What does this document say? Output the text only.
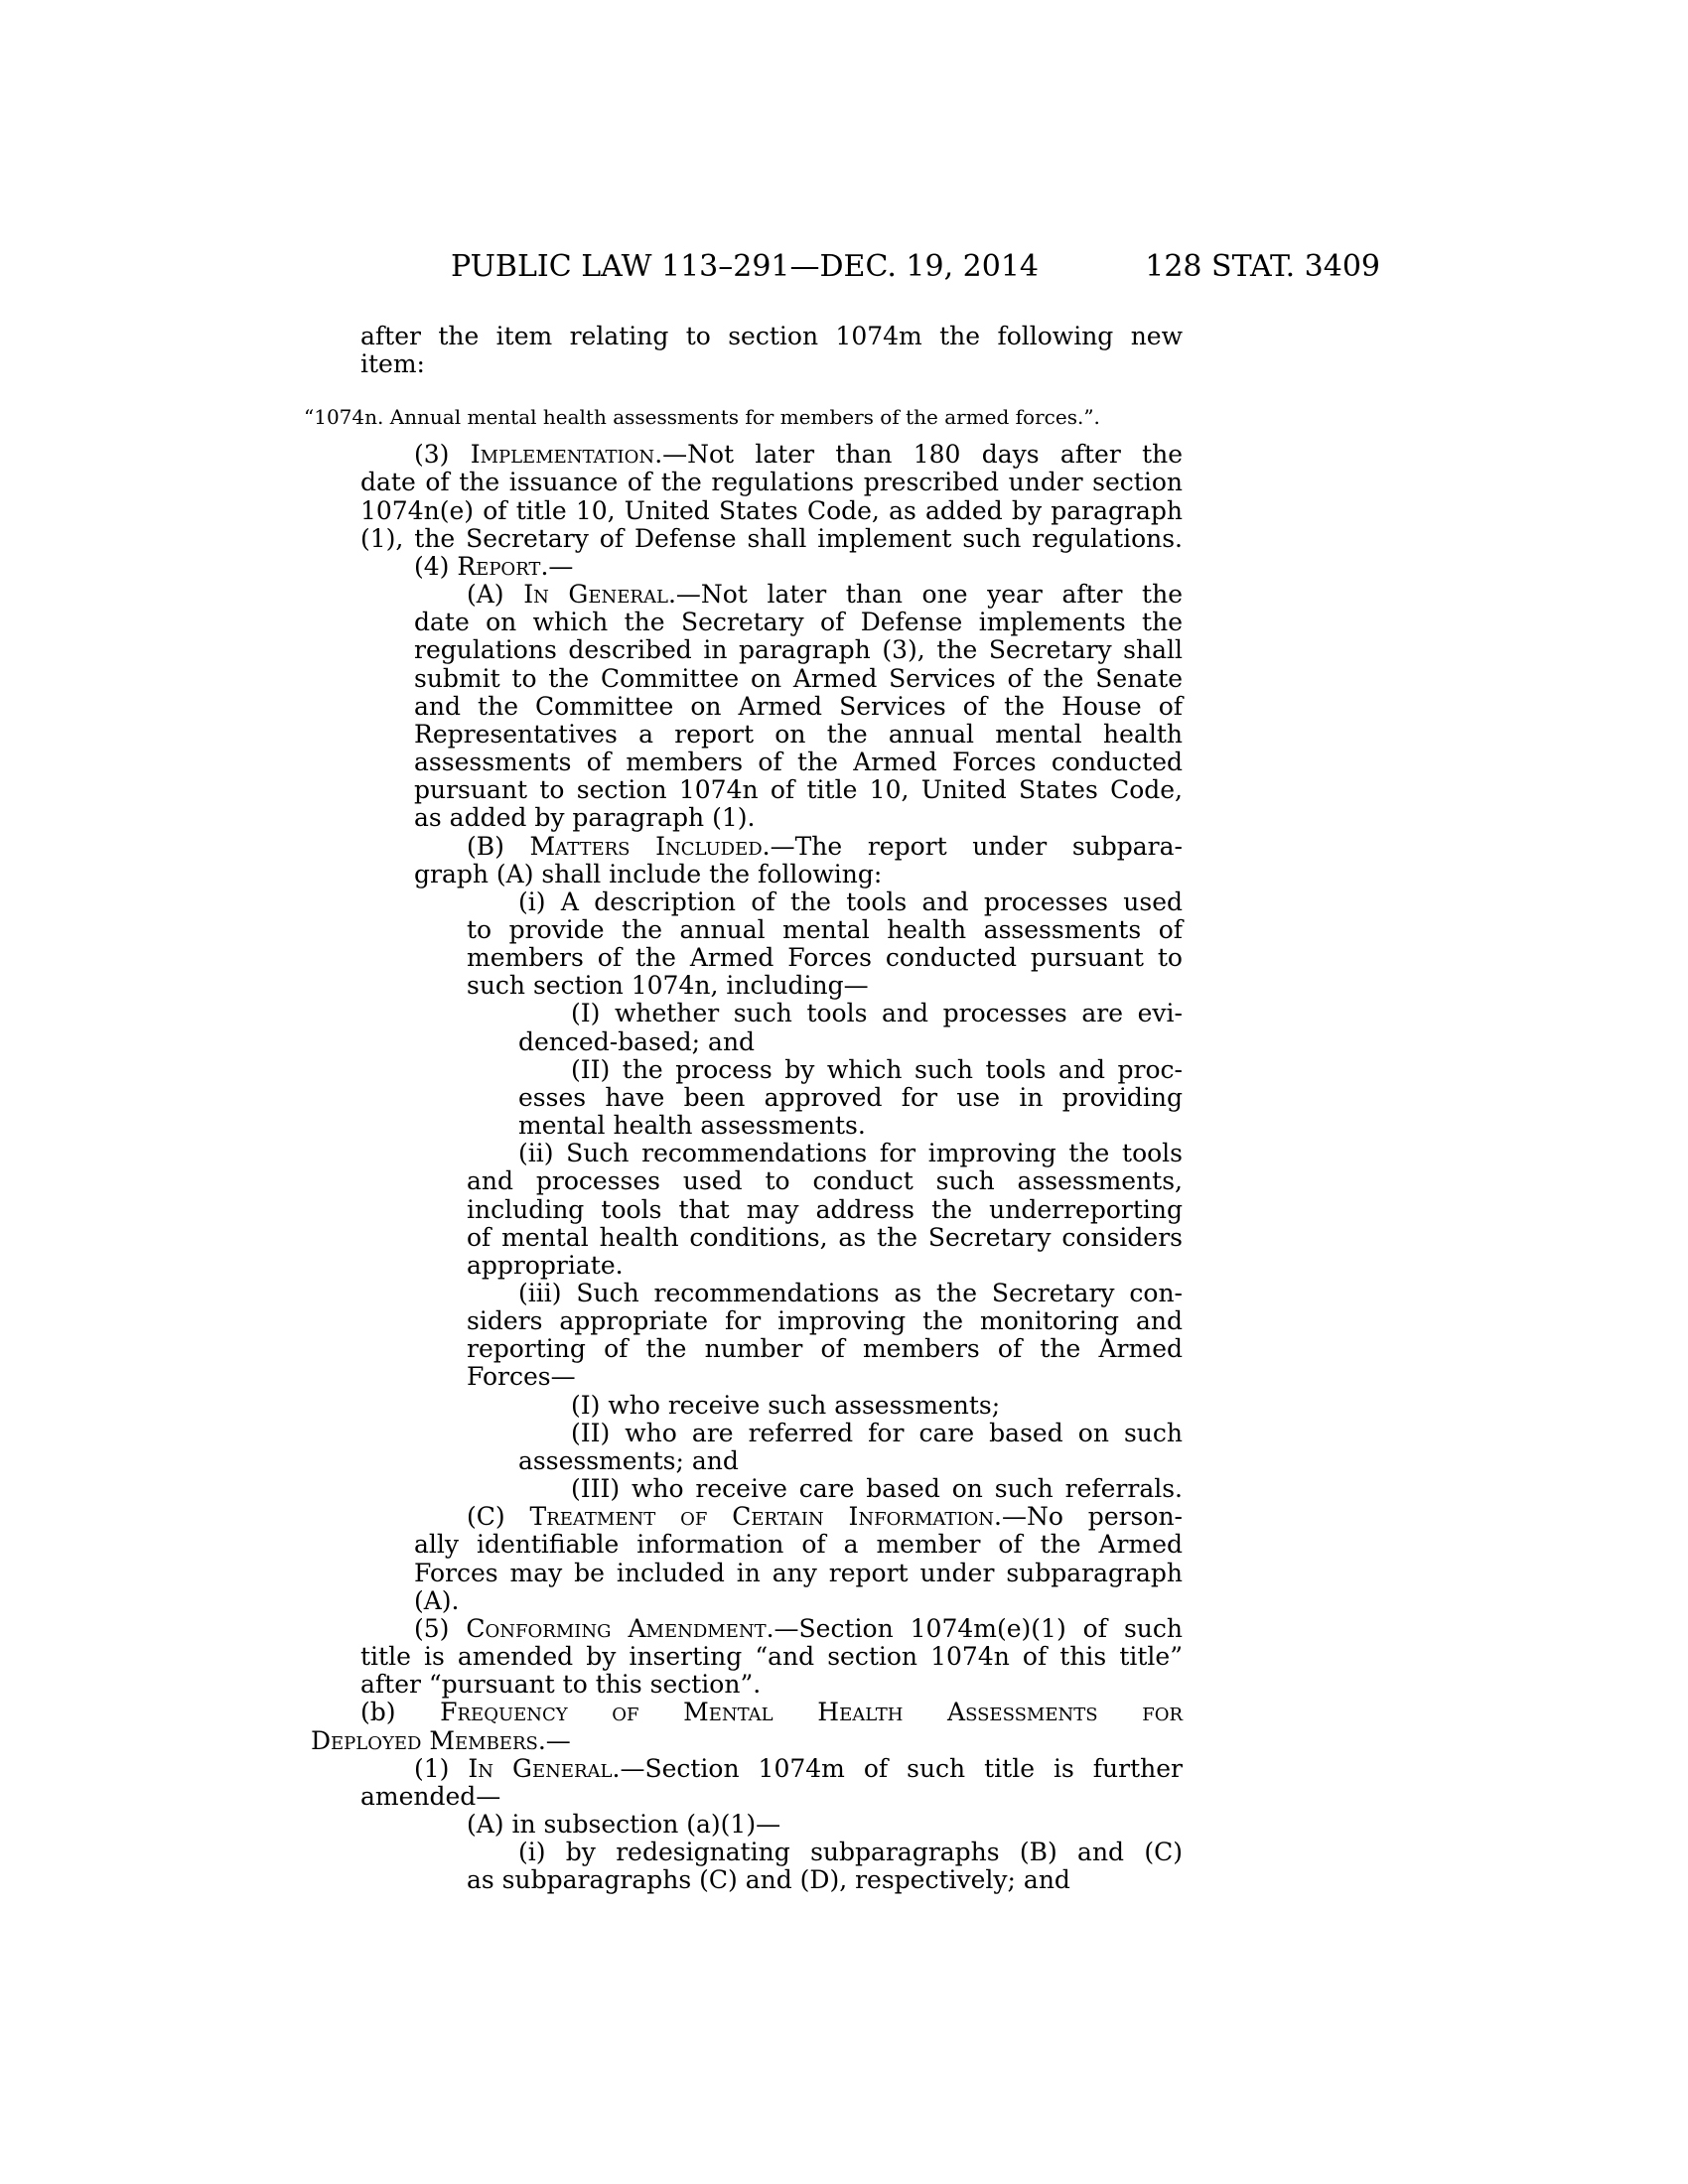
PUBLIC LAW 113–291—DEC. 19, 2014	128 STAT. 3409
after the item relating to section 1074m the following new
item:
“1074n. Annual mental health assessments for members of the armed forces.”.
(3) Implementation.—Not later than 180 days after the
date of the issuance of the regulations prescribed under section
1074n(e) of title 10, United States Code, as added by paragraph
(1), the Secretary of Defense shall implement such regulations.
(4) Report.—
(A) In General.—Not later than one year after the
date on which the Secretary of Defense implements the
regulations described in paragraph (3), the Secretary shall
submit to the Committee on Armed Services of the Senate
and the Committee on Armed Services of the House of
Representatives a report on the annual mental health
assessments of members of the Armed Forces conducted
pursuant to section 1074n of title 10, United States Code,
as added by paragraph (1).
(B) Matters Included.—The report under subpara-
graph (A) shall include the following:
(i) A description of the tools and processes used
to provide the annual mental health assessments of
members of the Armed Forces conducted pursuant to
such section 1074n, including—
(I) whether such tools and processes are evi-
denced-based; and
(II) the process by which such tools and proc-
esses have been approved for use in providing
mental health assessments.
(ii) Such recommendations for improving the tools
and processes used to conduct such assessments,
including tools that may address the underreporting
of mental health conditions, as the Secretary considers
appropriate.
(iii) Such recommendations as the Secretary con-
siders appropriate for improving the monitoring and
reporting of the number of members of the Armed
Forces—
(I) who receive such assessments;
(II) who are referred for care based on such
assessments; and
(III) who receive care based on such referrals.
(C) Treatment of Certain Information.—No person-
ally identifiable information of a member of the Armed
Forces may be included in any report under subparagraph
(A).
(5) Conforming Amendment.—Section 1074m(e)(1) of such
title is amended by inserting “and section 1074n of this title”
after “pursuant to this section”.
(b) Frequency of Mental Health Assessments for
Deployed Members.—
(1) In General.—Section 1074m of such title is further
amended—
(A) in subsection (a)(1)—
(i) by redesignating subparagraphs (B) and (C)
as subparagraphs (C) and (D), respectively; and
